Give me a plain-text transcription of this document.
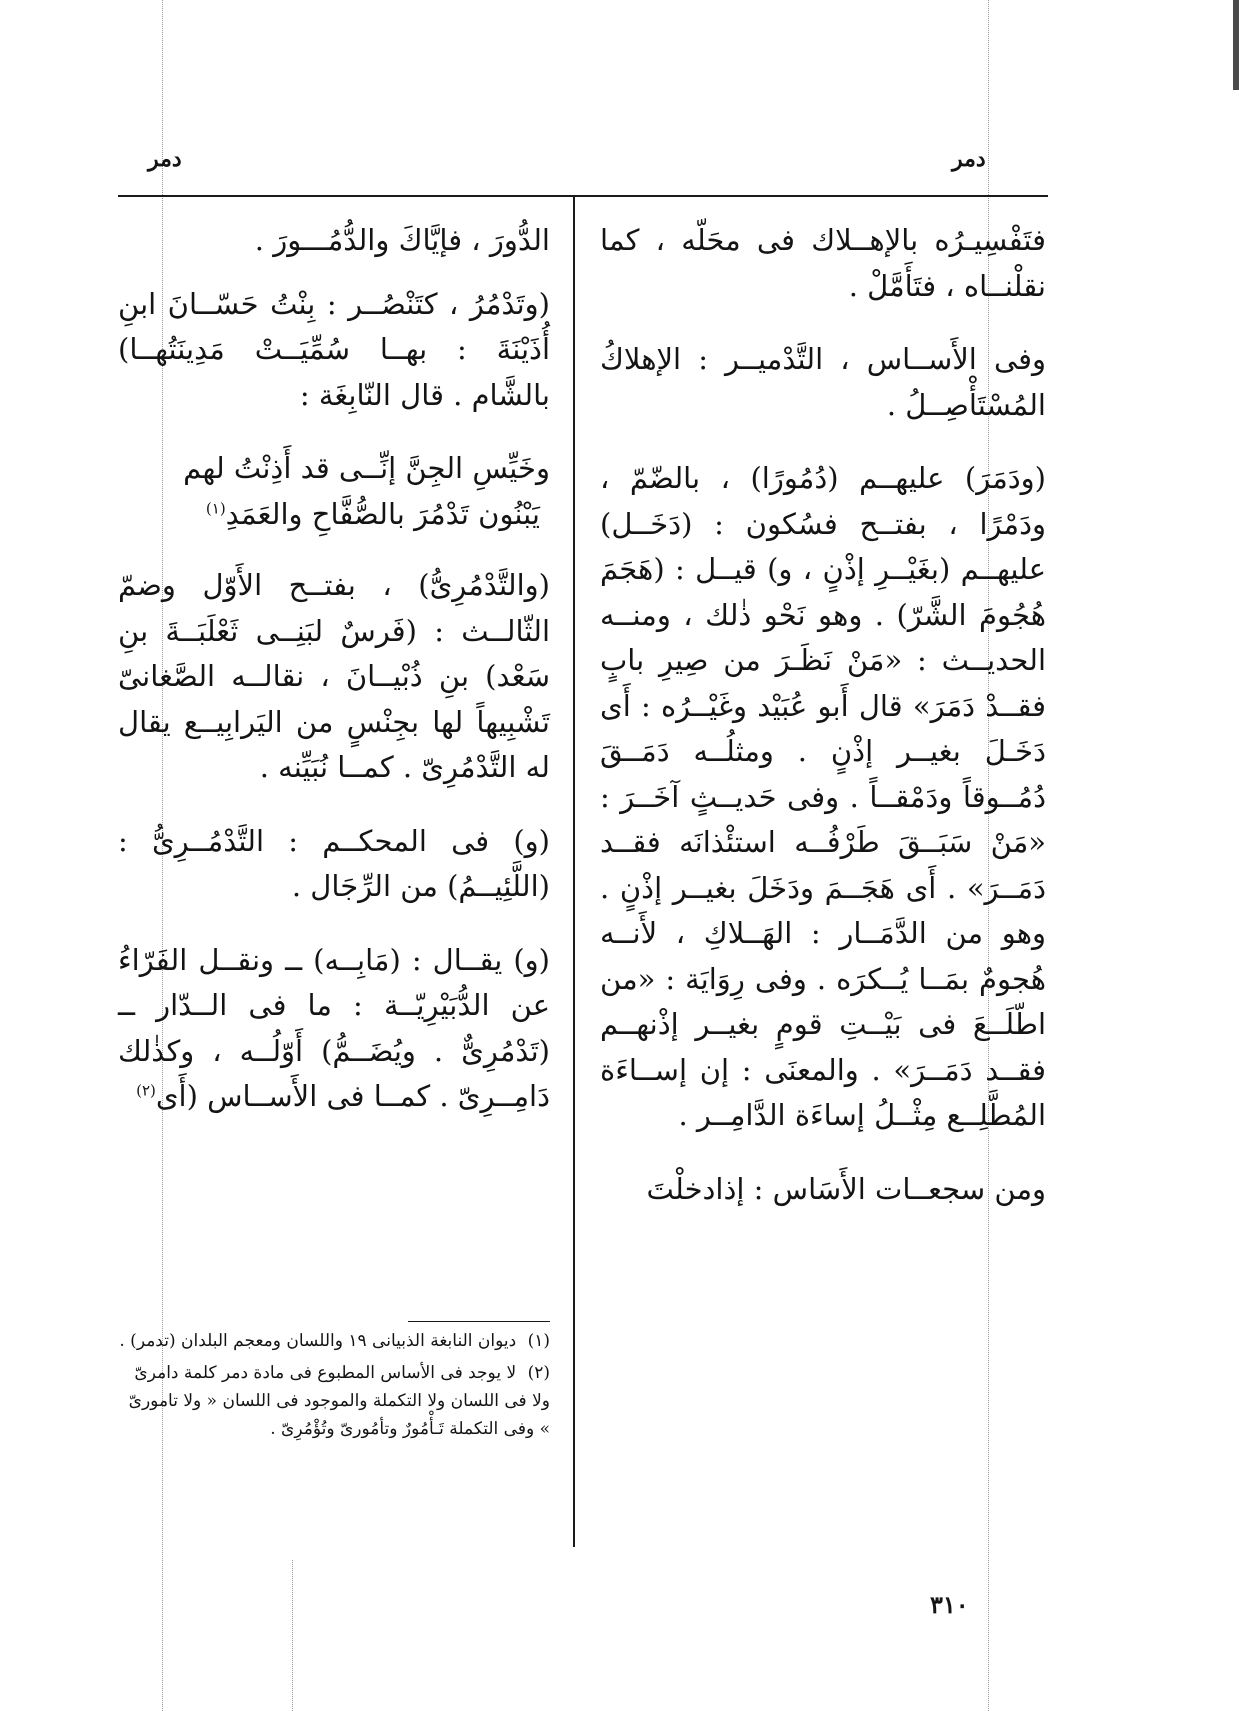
دمر
دمر

فتَفْسِيـرُه بالإهــلاك فى محَلّه ، كما نقلْنــاه ، فتَأَمَّلْ .

وفى الأَســاس ، التَّدْميــر : الإهلاكُ المُسْتَأْصِــلُ .

(ودَمَرَ) عليهــم (دُمُورًا) ، بالضّمّ ، ودَمْرًا ، بفتــح فسُكون : (دَخَــل) عليهــم (بغَيْــرِ إذْنٍ ، و) قيــل : (هَجَمَ هُجُومَ الشَّرّ) . وهو نَحْو ذٰلك ، ومنــه الحديــث : «مَنْ نَظَـرَ من صِيرِ بابٍ فقــدْ دَمَرَ» قال أَبو عُبَيْد وغَيْــرُه : أَى دَخَـلَ بغيــر إذْنٍ . ومثلُــه دَمَــقَ دُمُــوقاً ودَمْقــاً . وفى حَديــثٍ آخَــرَ : «مَنْ سَبَــقَ طَرْفُــه استئْذانَه فقــد دَمَــرَ» . أَى هَجَــمَ ودَخَلَ بغيــر إذْنٍ . وهو من الدَّمَــار : الهَــلاكِ ، لأَنــه هُجومٌ بمَــا يُــكرَه . وفى رِوَايَة : «من اطّلَــعَ فى بَيْــتِ قومٍ بغيــر إذْنهــم فقــد دَمَــرَ» . والمعنَى : إن إســاءَة المُطَّلِــع مِثْــلُ إساءَة الدَّامِــر .

ومن سجعــات الأَسَاس : إذادخلْتَ

الدُّورَ ، فإيَّاكَ والدُّمُـــورَ .

(وتَدْمُرُ ، كتَنْصُــر : بِنْتُ حَسّــانَ ابنِ أُذَيْنَةَ : بهــا سُمِّيَــتْ مَدِينَتُهــا) بالشَّام . قال النّابِغَة :

وخَيِّسِ الجِنَّ إنِّــى قد أَذِنْتُ لهم
يَبْنُون تَدْمُرَ بالصُّفَّاحِ والعَمَدِ$^{(١)}$

(والتَّدْمُرِىُّ) ، بفتــح الأَوّل وضمّ الثّالــث : (فَرسٌ لبَنِــى ثَعْلَبَــةَ بنِ سَعْد) بنِ ذُبْيــانَ ، نقالــه الصَّغانىّ تَشْبِيهاً لها بجِنْسٍ من اليَرابِيــع يقال له التَّدْمُرِىّ . كمــا نُبَيِّنه .

(و) فى المحكــم : التَّدْمُــرِىُّ : (اللَّئِيــمُ) من الرِّجَال .

(و) يقــال : (مَابِــه) ــ ونقــل الفَرّاءُ عن الدُّبَيْرِيّــة : ما فى الــدّار ــ (تَدْمُرِىٌّ . ويُضَــمُّ) أَوّلُــه ، وكذٰلك دَامِــرِىّ . كمــا فى الأَســاس (أَى$^{(٢)}$

(١) ديوان النابغة الذبيانى ١٩ واللسان ومعجم البلدان (تدمر) .

(٢) لا يوجد فى الأساس المطبوع فى مادة دمر كلمة دامرىّ ولا فى اللسان ولا التكملة والموجود فى اللسان « ولا تامورىّ » وفى التكملة تَـأْمُورٌ وتأمُورىّ وتُؤْمُرِىّ .

٣١٠
